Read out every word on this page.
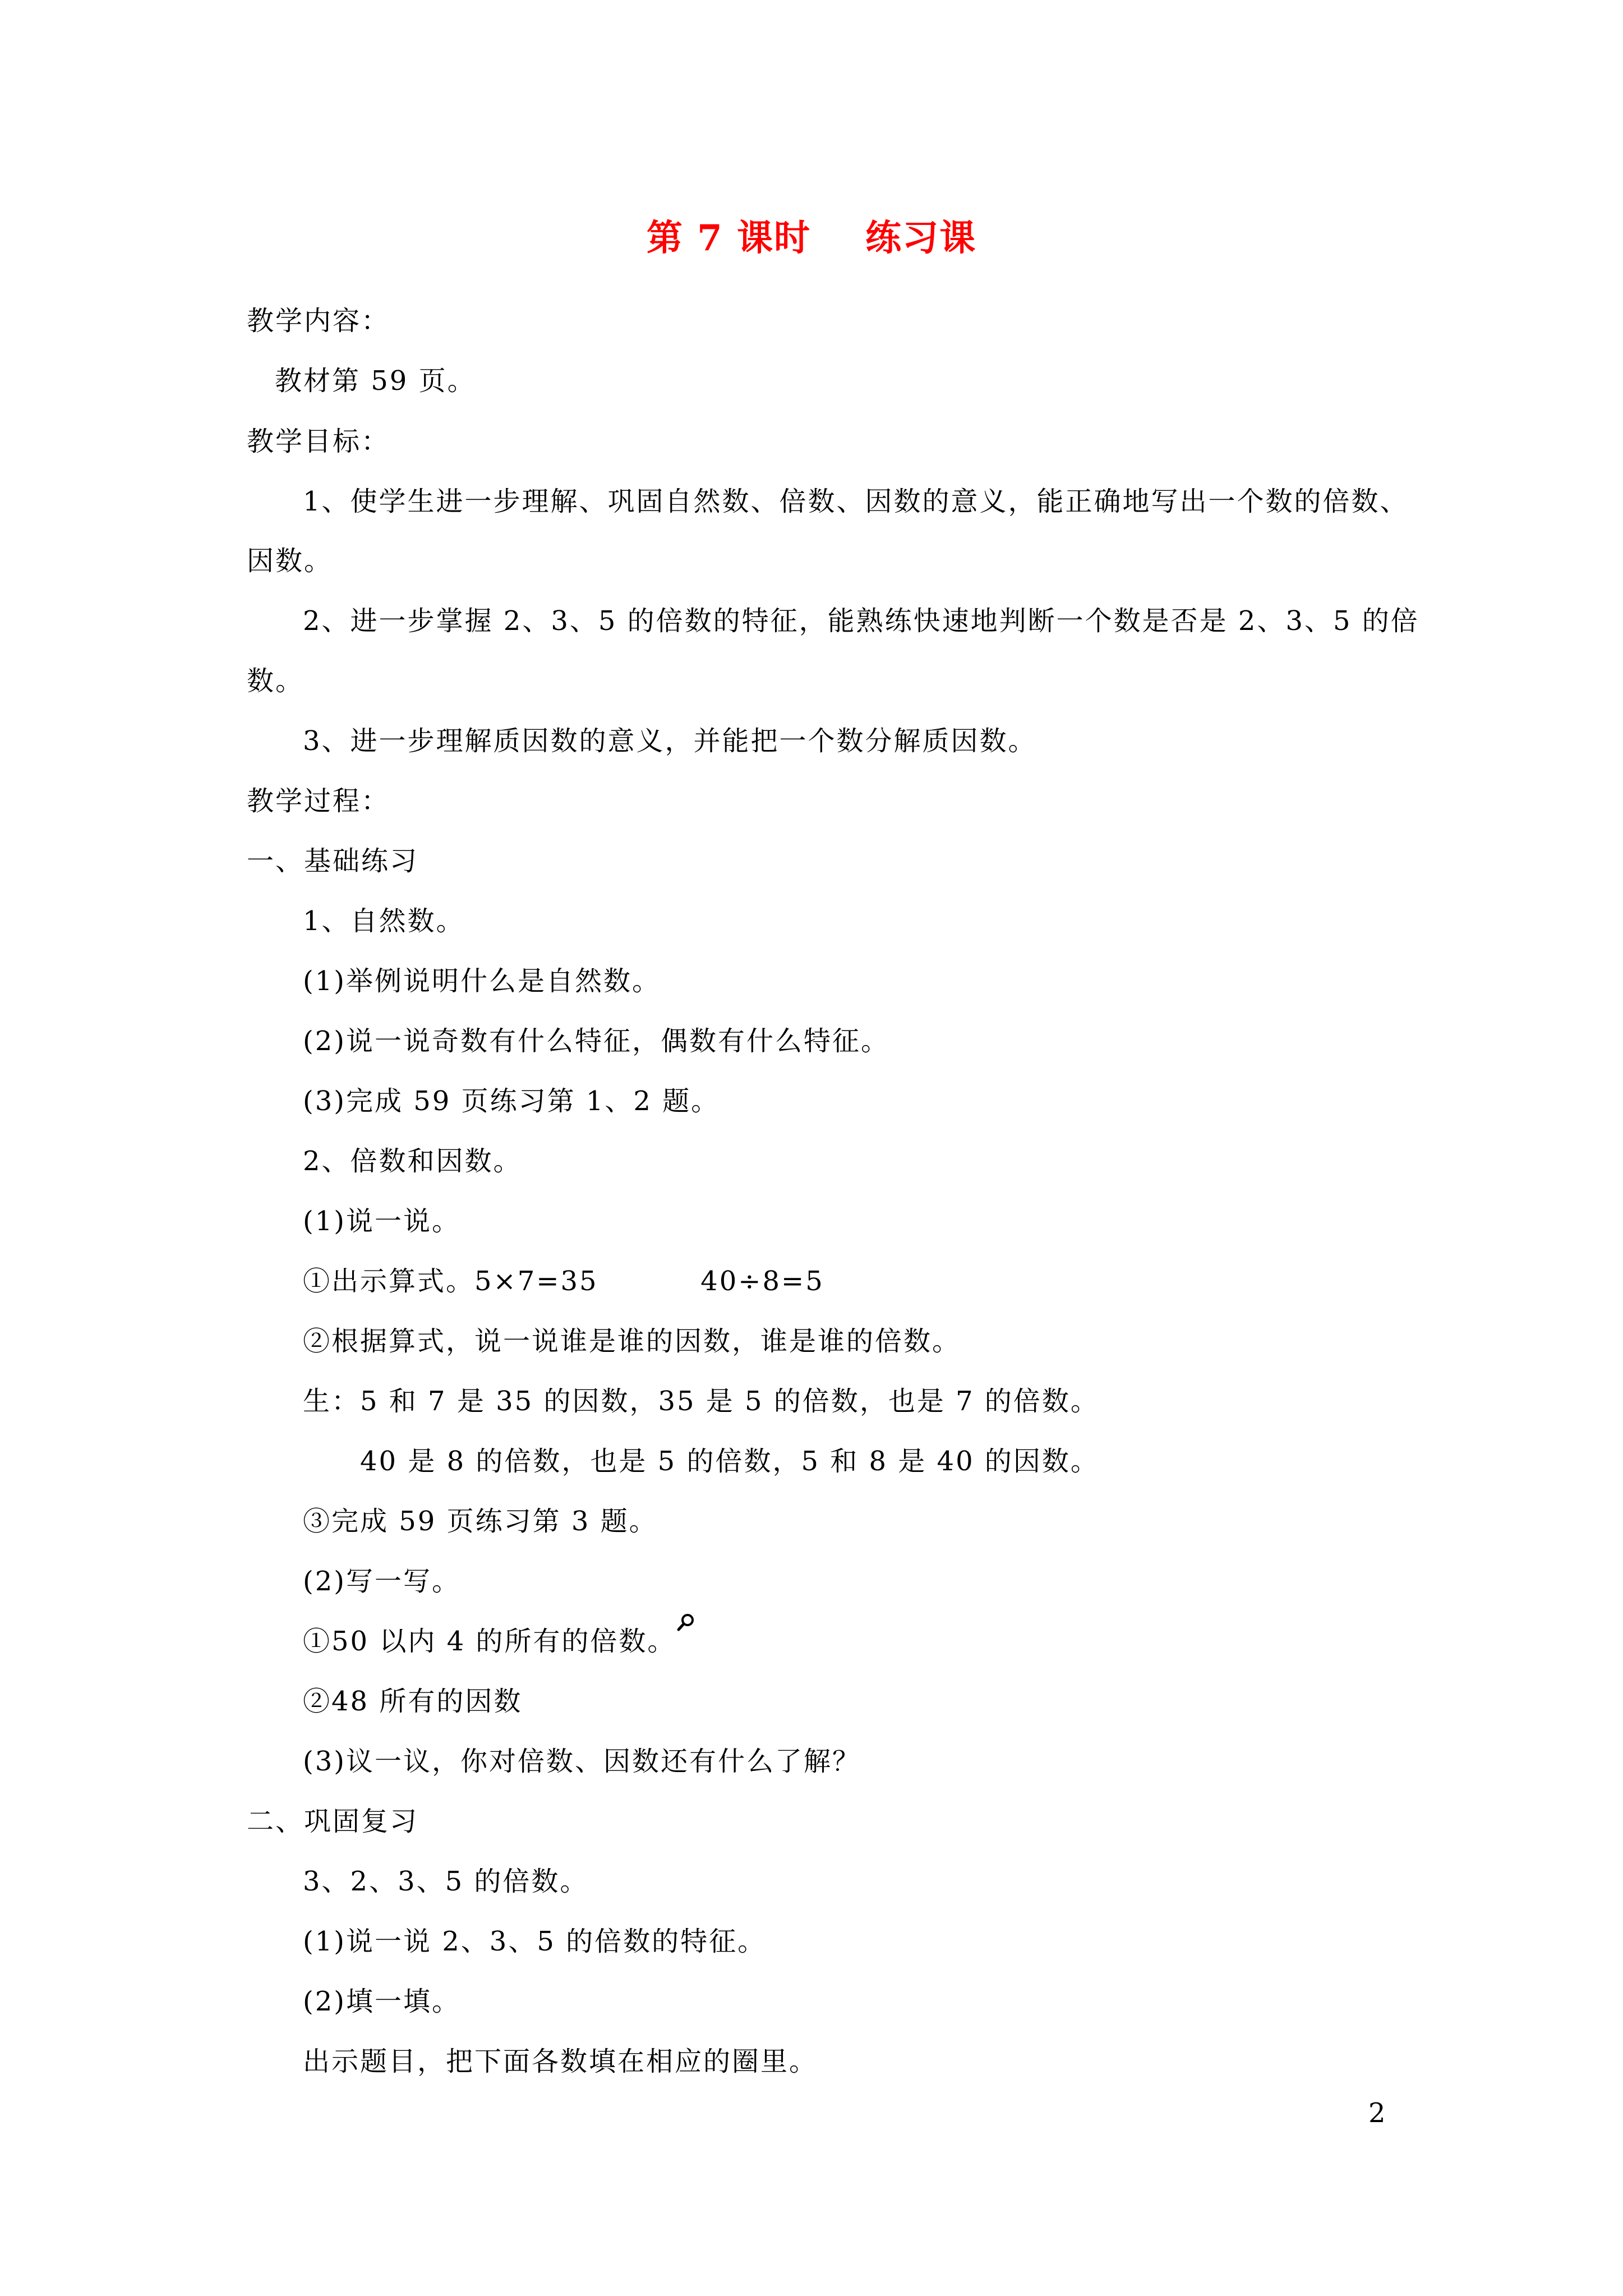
第 7 课时    练习课
教学内容：
教材第 59 页。
教学目标：
1、使学生进一步理解、巩固自然数、倍数、因数的意义，能正确地写出一个数的倍数、
因数。
2、进一步掌握 2、3、5 的倍数的特征，能熟练快速地判断一个数是否是 2、3、5 的倍
数。
3、进一步理解质因数的意义，并能把一个数分解质因数。
教学过程：
一、基础练习
1、自然数。
(1)举例说明什么是自然数。
(2)说一说奇数有什么特征，偶数有什么特征。
(3)完成 59 页练习第 1、2 题。
2、倍数和因数。
(1)说一说。
①出示算式。5×7=35          40÷8=5
②根据算式，说一说谁是谁的因数，谁是谁的倍数。
生：5 和 7 是 35 的因数，35 是 5 的倍数，也是 7 的倍数。
40 是 8 的倍数，也是 5 的倍数，5 和 8 是 40 的因数。
③完成 59 页练习第 3 题。
(2)写一写。
①50 以内 4 的所有的倍数。
②48 所有的因数
(3)议一议，你对倍数、因数还有什么了解？
二、巩固复习
3、2、3、5 的倍数。
(1)说一说 2、3、5 的倍数的特征。
(2)填一填。
出示题目，把下面各数填在相应的圈里。
2
